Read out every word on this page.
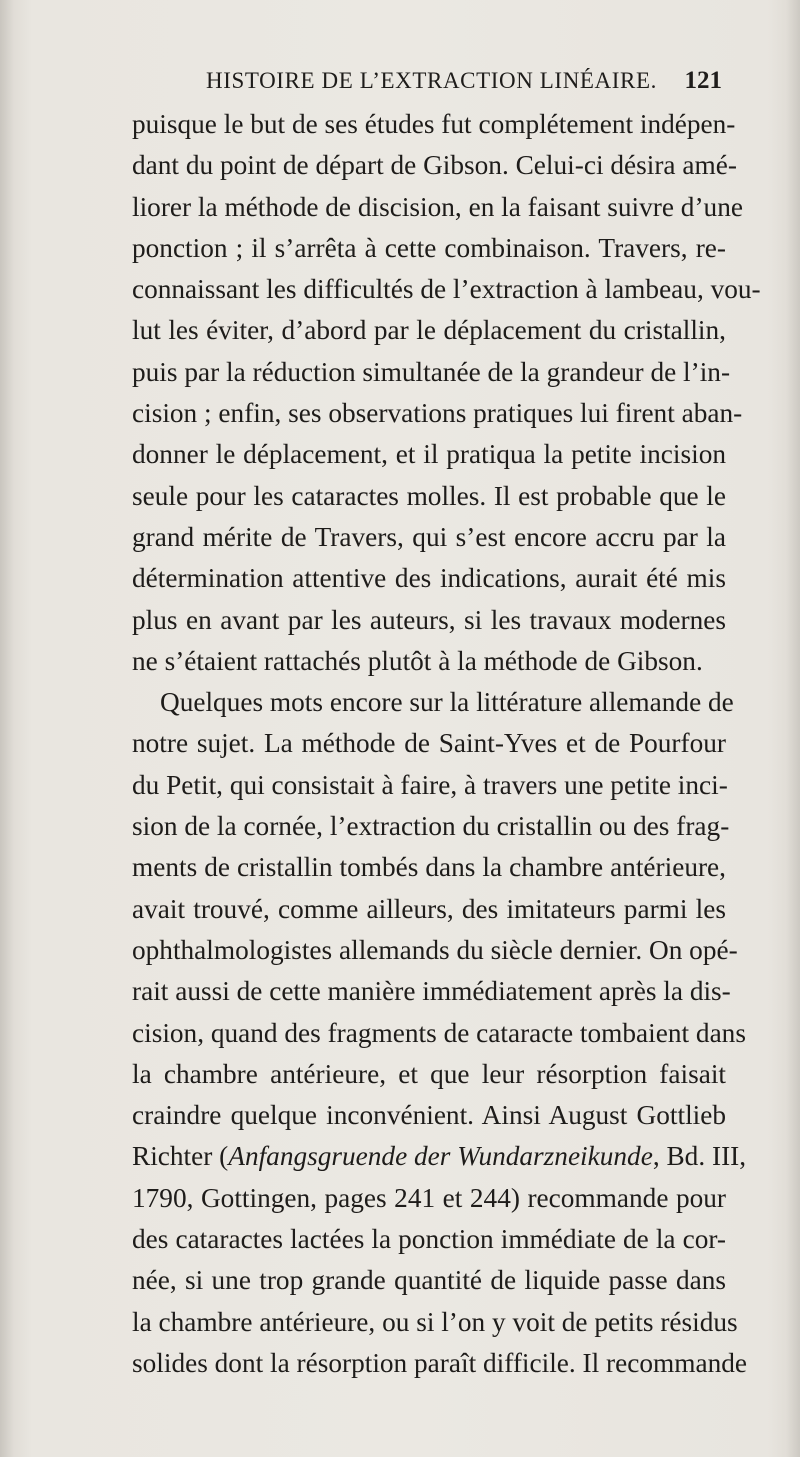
HISTOIRE DE L’EXTRACTION LINÉAIRE. 121
puisque le but de ses études fut complétement indépen-
dant du point de départ de Gibson. Celui-ci désira amé-
liorer la méthode de discision, en la faisant suivre d’une
ponction ; il s’arrêta à cette combinaison. Travers, re-
connaissant les difficultés de l’extraction à lambeau, vou-
lut les éviter, d’abord par le déplacement du cristallin,
puis par la réduction simultanée de la grandeur de l’in-
cision ; enfin, ses observations pratiques lui firent aban-
donner le déplacement, et il pratiqua la petite incision
seule pour les cataractes molles. Il est probable que le
grand mérite de Travers, qui s’est encore accru par la
détermination attentive des indications, aurait été mis
plus en avant par les auteurs, si les travaux modernes
ne s’étaient rattachés plutôt à la méthode de Gibson.
Quelques mots encore sur la littérature allemande de
notre sujet. La méthode de Saint-Yves et de Pourfour
du Petit, qui consistait à faire, à travers une petite inci-
sion de la cornée, l’extraction du cristallin ou des frag-
ments de cristallin tombés dans la chambre antérieure,
avait trouvé, comme ailleurs, des imitateurs parmi les
ophthalmologistes allemands du siècle dernier. On opé-
rait aussi de cette manière immédiatement après la dis-
cision, quand des fragments de cataracte tombaient dans
la chambre antérieure, et que leur résorption faisait
craindre quelque inconvénient. Ainsi August Gottlieb
Richter (Anfangsgruende der Wundarzneikunde, Bd. III,
1790, Gottingen, pages 241 et 244) recommande pour
des cataractes lactées la ponction immédiate de la cor-
née, si une trop grande quantité de liquide passe dans
la chambre antérieure, ou si l’on y voit de petits résidus
solides dont la résorption paraît difficile. Il recommande
